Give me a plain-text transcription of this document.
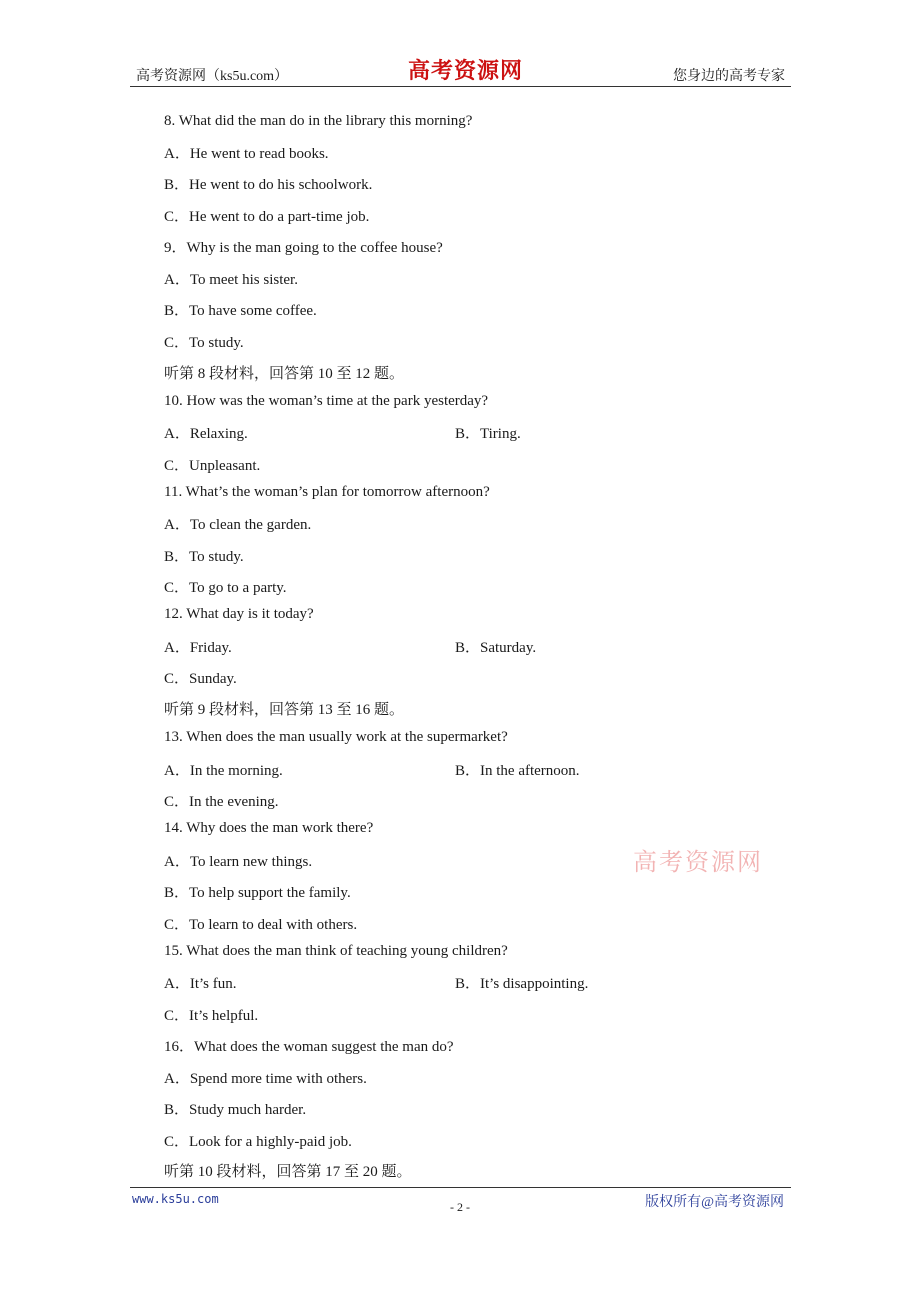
高考资源网（ks5u.com）	高考资源网	您身边的高考专家
8. What did the man do in the library this morning?
A．He went to read books.
B．He went to do his schoolwork.
C．He went to do a part-time job.
9．Why is the man going to the coffee house?
A．To meet his sister.
B．To have some coffee.
C．To study.
听第 8 段材料，回答第 10 至 12 题。
10. How was the woman’s time at the park yesterday?
A．Relaxing.	B．Tiring.
C．Unpleasant.
11. What’s the woman’s plan for tomorrow afternoon?
A．To clean the garden.
B．To study.
C．To go to a party.
12. What day is it today?
A．Friday.	B．Saturday.
C．Sunday.
听第 9 段材料，回答第 13 至 16 题。
13. When does the man usually work at the supermarket?
A．In the morning.	B．In the afternoon.
C．In the evening.
14. Why does the man work there?
A．To learn new things.
B．To help support the family.
C．To learn to deal with others.
15. What does the man think of teaching young children?
A．It’s fun.	B．It’s disappointing.
C．It’s helpful.
16．What does the woman suggest the man do?
A．Spend more time with others.
B．Study much harder.
C．Look for a highly-paid job.
听第 10 段材料，回答第 17 至 20 题。
高考资源网
www.ks5u.com
- 2 -	版权所有@高考资源网
